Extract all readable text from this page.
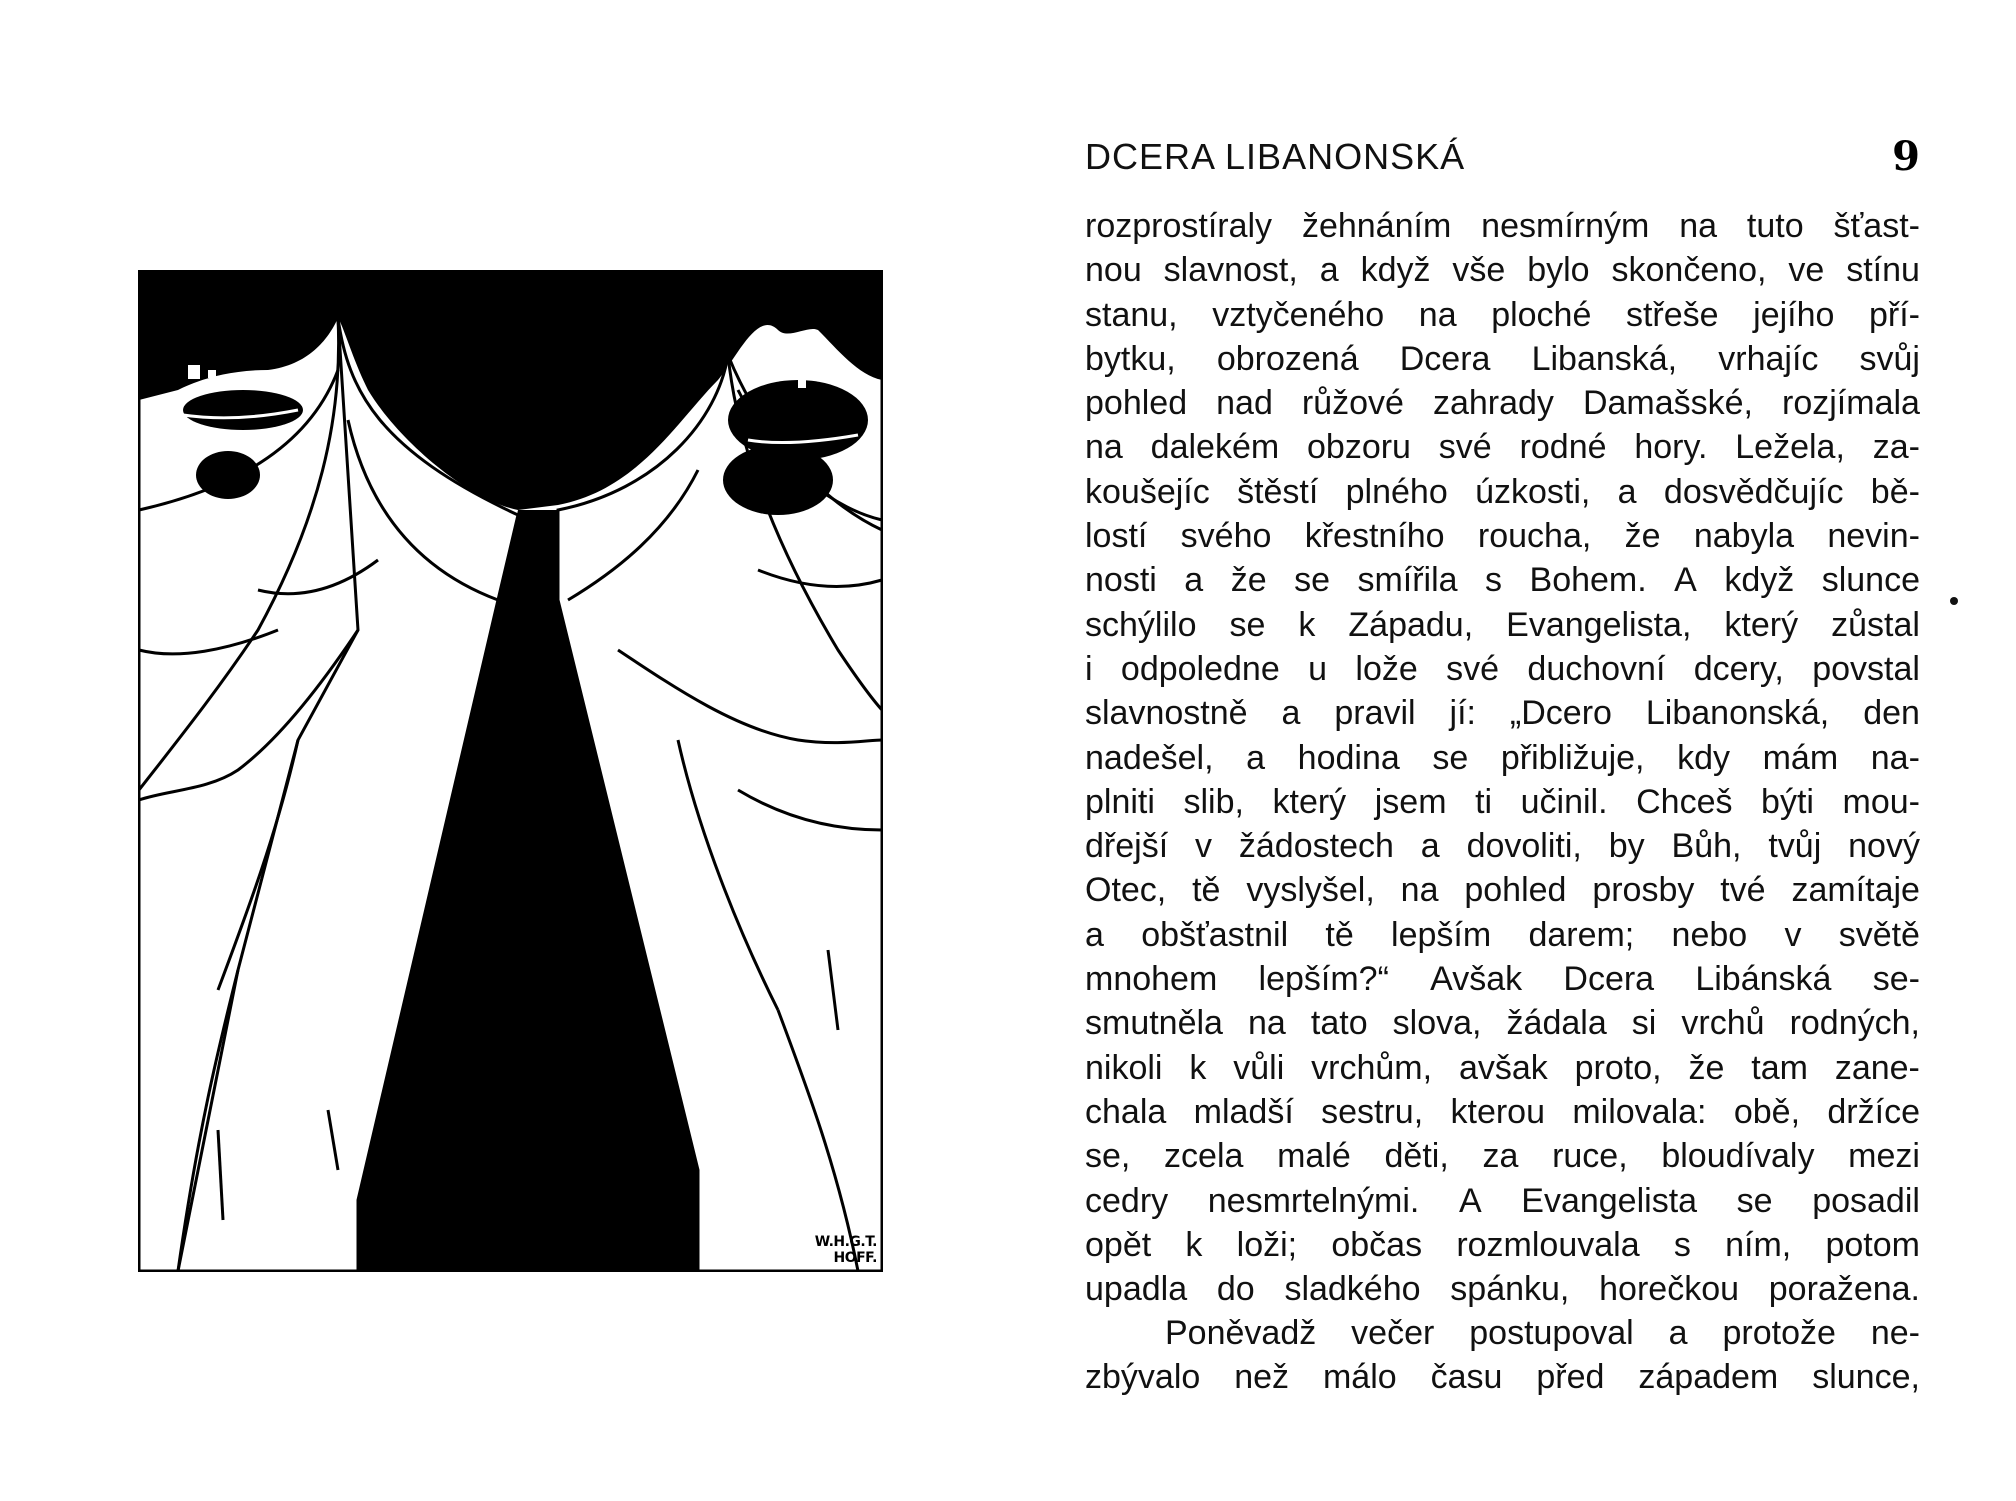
W.H.G.T.
HOFF.
DCERA LIBANONSKÁ	9
rozprostíraly žehnáním nesmírným na tuto šťast-
nou slavnost, a když vše bylo skončeno, ve stínu
stanu, vztyčeného na ploché střeše jejího pří-
bytku, obrozená Dcera Libanská, vrhajíc svůj
pohled nad růžové zahrady Damašské, rozjímala
na dalekém obzoru své rodné hory. Ležela, za-
koušejíc štěstí plného úzkosti, a dosvědčujíc bě-
lostí svého křestního roucha, že nabyla nevin-
nosti a že se smířila s Bohem. A když slunce
schýlilo se k Západu, Evangelista, který zůstal
i odpoledne u lože své duchovní dcery, povstal
slavnostně a pravil jí: „Dcero Libanonská, den
nadešel, a hodina se přibližuje, kdy mám na-
plniti slib, který jsem ti učinil. Chceš býti mou-
dřejší v žádostech a dovoliti, by Bůh, tvůj nový
Otec, tě vyslyšel, na pohled prosby tvé zamítaje
a obšťastnil tě lepším darem; nebo v světě
mnohem lepším?“ Avšak Dcera Libánská se-
smutněla na tato slova, žádala si vrchů rodných,
nikoli k vůli vrchům, avšak proto, že tam zane-
chala mladší sestru, kterou milovala: obě, držíce
se, zcela malé děti, za ruce, bloudívaly mezi
cedry nesmrtelnými. A Evangelista se posadil
opět k loži; občas rozmlouvala s ním, potom
upadla do sladkého spánku, horečkou poražena.
Poněvadž večer postupoval a protože ne-
zbývalo než málo času před západem slunce,
